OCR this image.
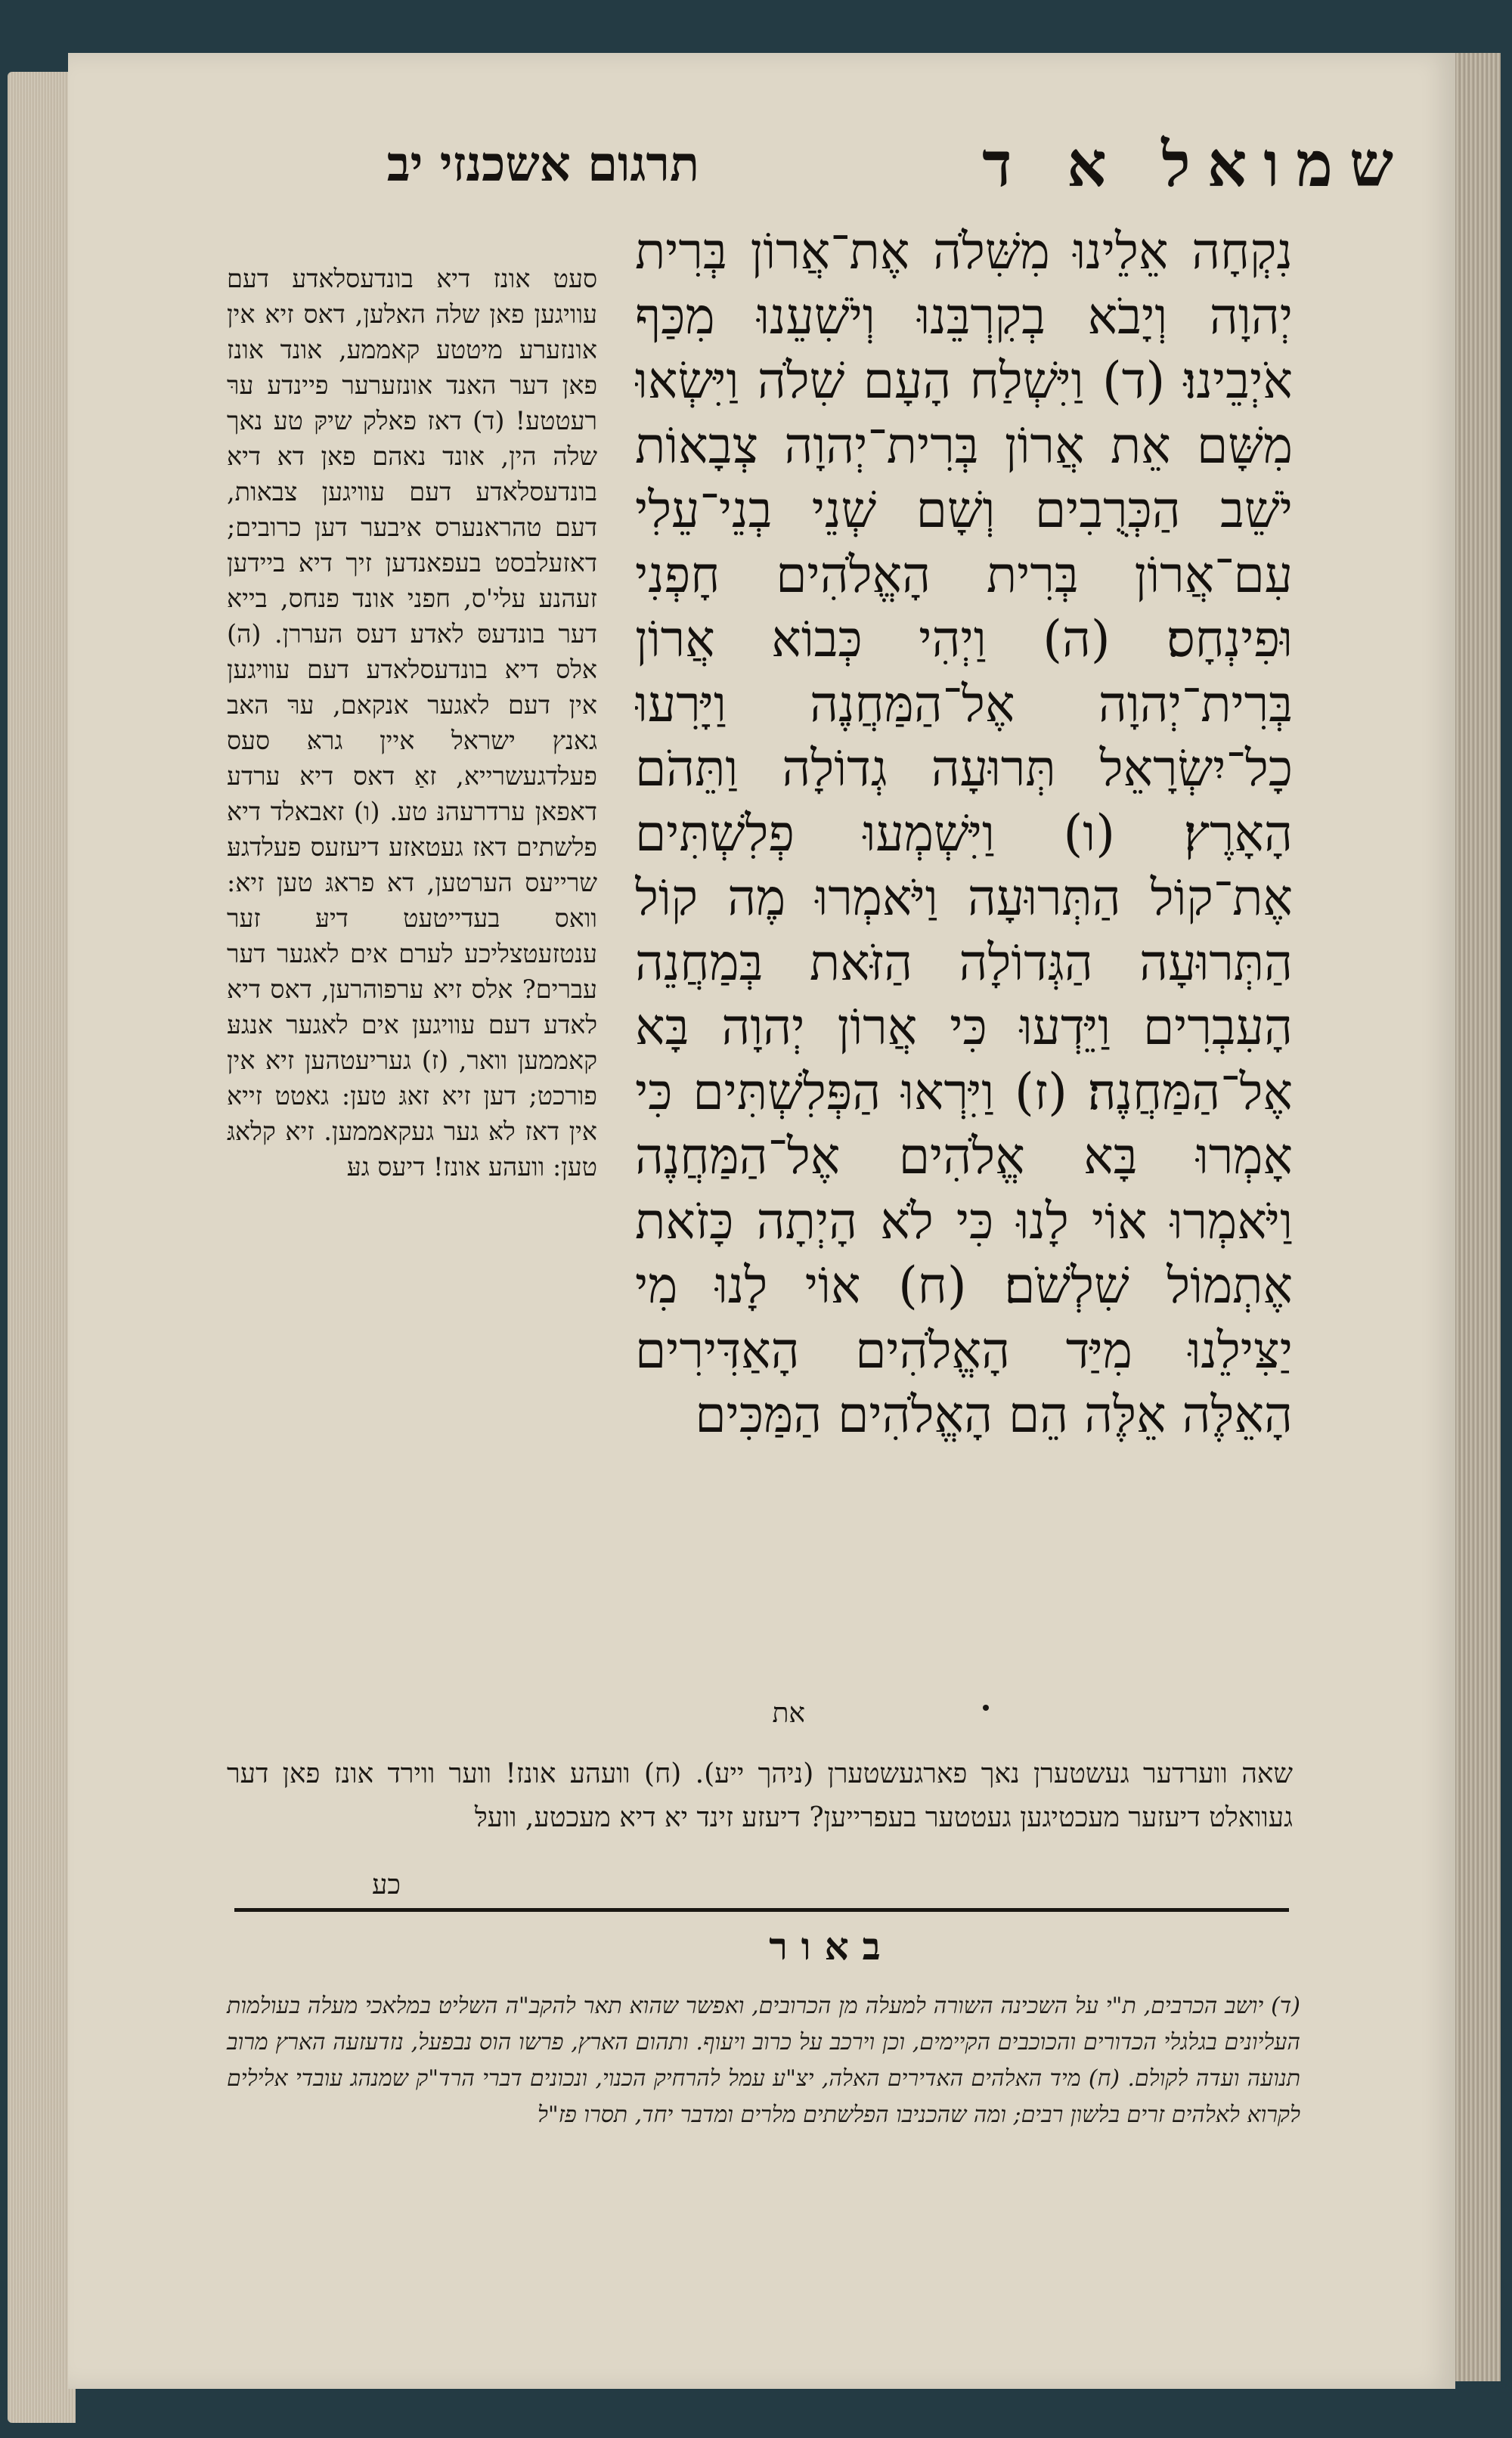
שמואל א ד
תרגום אשכנזי יב
נִקְחָה אֵלֵינוּ מִשִּׁלֹה אֶת־אֲרוֹן בְּרִית יְהוָה וְיָבֹא בְקִרְבֵּנוּ וְיֹשִׁעֵנוּ מִכַּף אֹיְבֵינוּ׃ (ד) וַיִּשְׁלַח הָעָם שִׁלֹה וַיִּשְׂאוּ מִשָּׁם אֵת אֲרוֹן בְּרִית־יְהוָה צְבָאוֹת יֹשֵׁב הַכְּרֻבִים וְשָׁם שְׁנֵי בְנֵי־עֵלִי עִם־אֲרוֹן בְּרִית הָאֱלֹהִים חָפְנִי וּפִינְחָס׃ (ה) וַיְהִי כְּבוֹא אֲרוֹן בְּרִית־יְהוָה אֶל־הַמַּחֲנֶה וַיָּרִעוּ כָל־יִשְׂרָאֵל תְּרוּעָה גְדוֹלָה וַתֵּהֹם הָאָרֶץ׃ (ו) וַיִּשְׁמְעוּ פְלִשְׁתִּים אֶת־קוֹל הַתְּרוּעָה וַיֹּאמְרוּ מֶה קוֹל הַתְּרוּעָה הַגְּדוֹלָה הַזֹּאת בְּמַחֲנֵה הָעִבְרִים וַיֵּדְעוּ כִּי אֲרוֹן יְהוָה בָּא אֶל־הַמַּחֲנֶה׃ (ז) וַיִּרְאוּ הַפְּלִשְׁתִּים כִּי אָמְרוּ בָּא אֱלֹהִים אֶל־הַמַּחֲנֶה וַיֹּאמְרוּ אוֹי לָנוּ כִּי לֹא הָיְתָה כָּזֹאת אֶתְמוֹל שִׁלְשֹׁם׃ (ח) אוֹי לָנוּ מִי יַצִּילֵנוּ מִיַּד הָאֱלֹהִים הָאַדִּירִים הָאֵלֶּה אֵלֶּה הֵם הָאֱלֹהִים הַמַּכִּים
סעט אונז דיא בונדעסלאדע דעם עוויגען פאן שלה האלען, דאס זיא אין אונזערע מיטטע קאממע, אונד אונז פאן דער האנד אונזערער פיינדע ערּ רעטטע! (ד) דאז פאלק שיקּ טע נאך שלה הין, אונד נאהם פאן דא דיא בונדעסלאדע דעם עוויגען צבאות, דעם טהראנערס איבער דען כרובים; דאזעלבסט בעפאנדען זיך דיא ביידען זעהנע עלי'ס, חפני אונד פנחס, בייא דער בונדעסּ לאדע דעס העררן. (ה) אלס דיא בונדעסלאדע דעם עוויגען אין דעם לאגער אנקאם, ערּ האב גאנץ ישראל איין גראּ סעס פעלדגעשרייא, זאַ דאס דיא ערדע דאפאן ערדרעהנּ טע. (ו) זאבאלד דיא פלשתים דאז געטאזע דיעזעס פעלדגעּ שרייעס הערטען, דא פראגּ טען זיא: וואס בעדייטעט דיעּ זער ענטזעטצליכע לערם אים לאגער דער עברים? אלס זיא ערפוהרען, דאס דיא לאדע דעם עוויגען אים לאגער אנגעּ קאממען וואר, (ז) געריעטהען זיא אין פורכט; דען זיא זאגּ טען: גאטט זייא אין דאז לאּ גער געקאממען. זיא קלאגּ טען: וועהע אונז! דיעס געּ
את
שאה ווערדער געשטערן נאך פארגעשטערן (ניהך ייע). (ח) וועהע אונז! ווער ווירד אונז פאן דער געוואלט דיעזער מעכטיגען געטטער בעפרייען? דיעזע זינד יא דיא מעכטע, וועלּ
כע
באור
(ד) יושב הכרבים, ת"י על השכינה השורה למעלה מן הכרובים, ואפשר שהוא תאר להקב"ה השליט במלאכי מעלה בעולמות העליונים בגלגלי הכדורים והכוכבים הקיימים, וכן וירכב על כרוב ויעוף. ותהום הארץ, פרשו הוס נבפעל, נזדעזעה הארץ מרוב תנועה ועדה לקולם. (ח) מיד האלהים האדירים האלה, יצ"ע עמל להרחיק הכנוי, ונכונים דברי הרד"ק שמנהג עובדי אלילים לקרוא לאלהים זרים בלשון רבים; ומה שהכניבו הפלשתים מלרים ומדבר יחד, תסרו פז"ל
